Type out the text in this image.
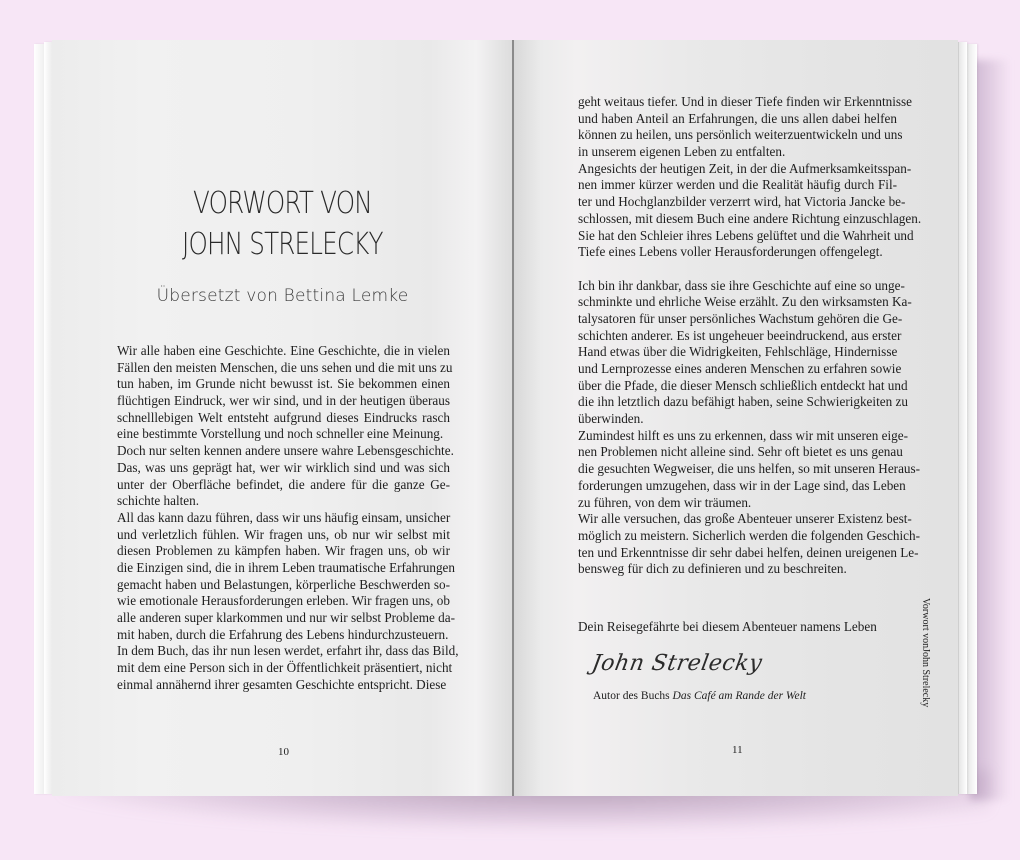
VORWORT VON
JOHN STRELECKY
Übersetzt von Bettina Lemke
Wir alle haben eine Geschichte. Eine Geschichte, die in vielen
Fällen den meisten Menschen, die uns sehen und die mit uns zu
tun haben, im Grunde nicht bewusst ist. Sie bekommen einen
flüchtigen Eindruck, wer wir sind, und in der heutigen überaus
schnelllebigen Welt entsteht aufgrund dieses Eindrucks rasch
eine bestimmte Vorstellung und noch schneller eine Meinung.
Doch nur selten kennen andere unsere wahre Lebensgeschichte.
Das, was uns geprägt hat, wer wir wirklich sind und was sich
unter der Oberfläche befindet, die andere für die ganze Ge-
schichte halten.
All das kann dazu führen, dass wir uns häufig einsam, unsicher
und verletzlich fühlen. Wir fragen uns, ob nur wir selbst mit
diesen Problemen zu kämpfen haben. Wir fragen uns, ob wir
die Einzigen sind, die in ihrem Leben traumatische Erfahrungen
gemacht haben und Belastungen, körperliche Beschwerden so-
wie emotionale Herausforderungen erleben. Wir fragen uns, ob
alle anderen super klarkommen und nur wir selbst Probleme da-
mit haben, durch die Erfahrung des Lebens hindurchzusteuern.
In dem Buch, das ihr nun lesen werdet, erfahrt ihr, dass das Bild,
mit dem eine Person sich in der Öffentlichkeit präsentiert, nicht
einmal annähernd ihrer gesamten Geschichte entspricht. Diese
10
geht weitaus tiefer. Und in dieser Tiefe finden wir Erkenntnisse
und haben Anteil an Erfahrungen, die uns allen dabei helfen
können zu heilen, uns persönlich weiterzuentwickeln und uns
in unserem eigenen Leben zu entfalten.
Angesichts der heutigen Zeit, in der die Aufmerksamkeitsspan-
nen immer kürzer werden und die Realität häufig durch Fil-
ter und Hochglanzbilder verzerrt wird, hat Victoria Jancke be-
schlossen, mit diesem Buch eine andere Richtung einzuschlagen.
Sie hat den Schleier ihres Lebens gelüftet und die Wahrheit und
Tiefe eines Lebens voller Herausforderungen offengelegt.
Ich bin ihr dankbar, dass sie ihre Geschichte auf eine so unge-
schminkte und ehrliche Weise erzählt. Zu den wirksamsten Ka-
talysatoren für unser persönliches Wachstum gehören die Ge-
schichten anderer. Es ist ungeheuer beeindruckend, aus erster
Hand etwas über die Widrigkeiten, Fehlschläge, Hindernisse
und Lernprozesse eines anderen Menschen zu erfahren sowie
über die Pfade, die dieser Mensch schließlich entdeckt hat und
die ihn letztlich dazu befähigt haben, seine Schwierigkeiten zu
überwinden.
Zumindest hilft es uns zu erkennen, dass wir mit unseren eige-
nen Problemen nicht alleine sind. Sehr oft bietet es uns genau
die gesuchten Wegweiser, die uns helfen, so mit unseren Heraus-
forderungen umzugehen, dass wir in der Lage sind, das Leben
zu führen, von dem wir träumen.
Wir alle versuchen, das große Abenteuer unserer Existenz best-
möglich zu meistern. Sicherlich werden die folgenden Geschich-
ten und Erkenntnisse dir sehr dabei helfen, deinen ureigenen Le-
bensweg für dich zu definieren und zu beschreiten.
Dein Reisegefährte bei diesem Abenteuer namens Leben
John Strelecky
Autor des Buchs Das Café am Rande der Welt
11
Vorwort vonJohn Strelecky
